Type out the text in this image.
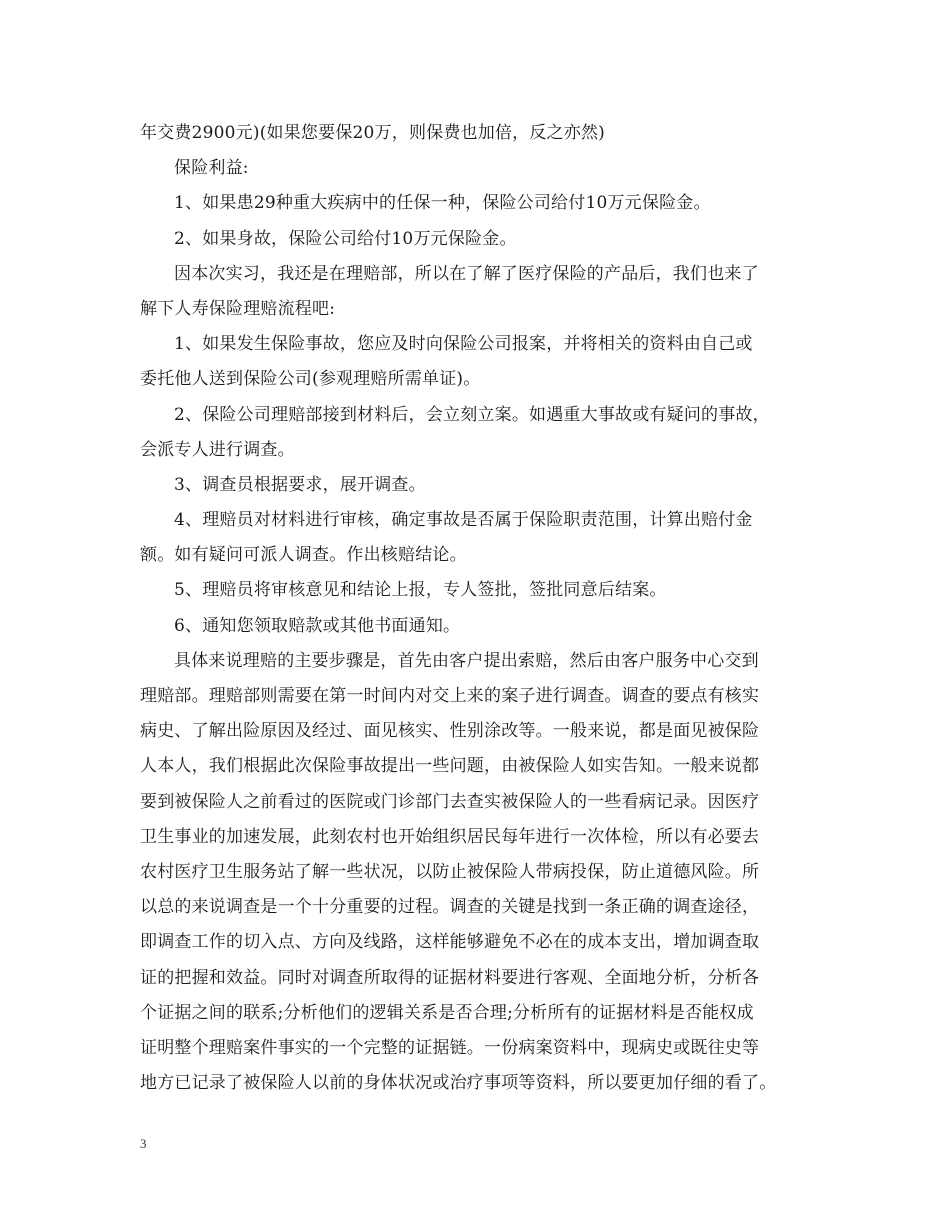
年交费2900元)(如果您要保20万，则保费也加倍，反之亦然)
保险利益:
1、如果患29种重大疾病中的任保一种，保险公司给付10万元保险金。
2、如果身故，保险公司给付10万元保险金。
因本次实习，我还是在理赔部，所以在了解了医疗保险的产品后，我们也来了
解下人寿保险理赔流程吧:
1、如果发生保险事故，您应及时向保险公司报案，并将相关的资料由自己或
委托他人送到保险公司(参观理赔所需单证)。
2、保险公司理赔部接到材料后，会立刻立案。如遇重大事故或有疑问的事故，
会派专人进行调查。
3、调查员根据要求，展开调查。
4、理赔员对材料进行审核，确定事故是否属于保险职责范围，计算出赔付金
额。如有疑问可派人调查。作出核赔结论。
5、理赔员将审核意见和结论上报，专人签批，签批同意后结案。
6、通知您领取赔款或其他书面通知。
具体来说理赔的主要步骤是，首先由客户提出索赔，然后由客户服务中心交到
理赔部。理赔部则需要在第一时间内对交上来的案子进行调查。调查的要点有核实
病史、了解出险原因及经过、面见核实、性别涂改等。一般来说，都是面见被保险
人本人，我们根据此次保险事故提出一些问题，由被保险人如实告知。一般来说都
要到被保险人之前看过的医院或门诊部门去查实被保险人的一些看病记录。因医疗
卫生事业的加速发展，此刻农村也开始组织居民每年进行一次体检，所以有必要去
农村医疗卫生服务站了解一些状况，以防止被保险人带病投保，防止道德风险。所
以总的来说调查是一个十分重要的过程。调查的关键是找到一条正确的调查途径，
即调查工作的切入点、方向及线路，这样能够避免不必在的成本支出，增加调查取
证的把握和效益。同时对调查所取得的证据材料要进行客观、全面地分析，分析各
个证据之间的联系;分析他们的逻辑关系是否合理;分析所有的证据材料是否能权成
证明整个理赔案件事实的一个完整的证据链。一份病案资料中，现病史或既往史等
地方已记录了被保险人以前的身体状况或治疗事项等资料，所以要更加仔细的看了。
3
